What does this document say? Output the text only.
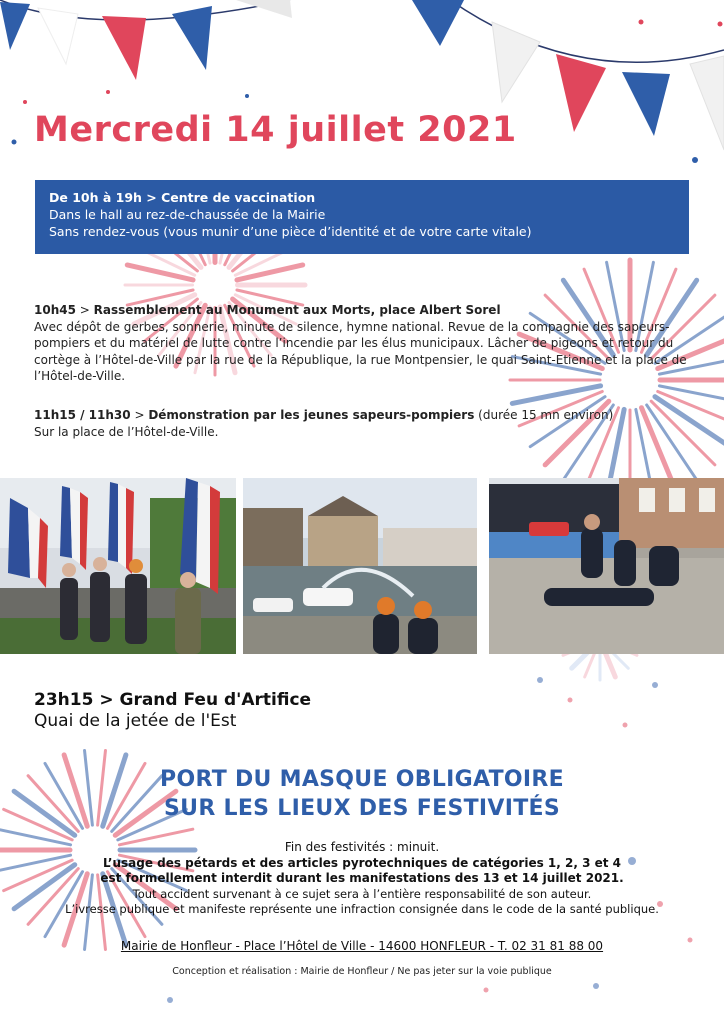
Mercredi 14 juillet 2021
De 10h à 19h > Centre de vaccination
Dans le hall au rez-de-chaussée de la Mairie
Sans rendez-vous (vous munir d’une pièce d’identité et de votre carte vitale)
10h45 > Rassemblement au Monument aux Morts, place Albert Sorel
Avec dépôt de gerbes, sonnerie, minute de silence, hymne national. Revue de la compagnie des sapeurs-pompiers et du matériel de lutte contre l’incendie par les élus municipaux. Lâcher de pigeons et retour du cortège à l’Hôtel-de-Ville par la rue de la République, la rue Montpensier, le quai Saint-Etienne et la place de l’Hôtel-de-Ville.
11h15 / 11h30 > Démonstration par les jeunes sapeurs-pompiers (durée 15 mn environ)
Sur la place de l’Hôtel-de-Ville.
23h15 > Grand Feu d'Artifice
Quai de la jetée de l'Est
PORT DU MASQUE OBLIGATOIRE
SUR LES LIEUX DES FESTIVITÉS
Fin des festivités : minuit.
L’usage des pétards et des articles pyrotechniques de catégories 1, 2, 3 et 4
est formellement interdit durant les manifestations des 13 et 14 juillet 2021.
Tout accident survenant à ce sujet sera à l’entière responsabilité de son auteur.
L’ivresse publique et manifeste représente une infraction consignée dans le code de la santé publique.
Mairie de Honfleur - Place l’Hôtel de Ville - 14600 HONFLEUR - T. 02 31 81 88 00
Conception et réalisation : Mairie de Honfleur / Ne pas jeter sur la voie publique
